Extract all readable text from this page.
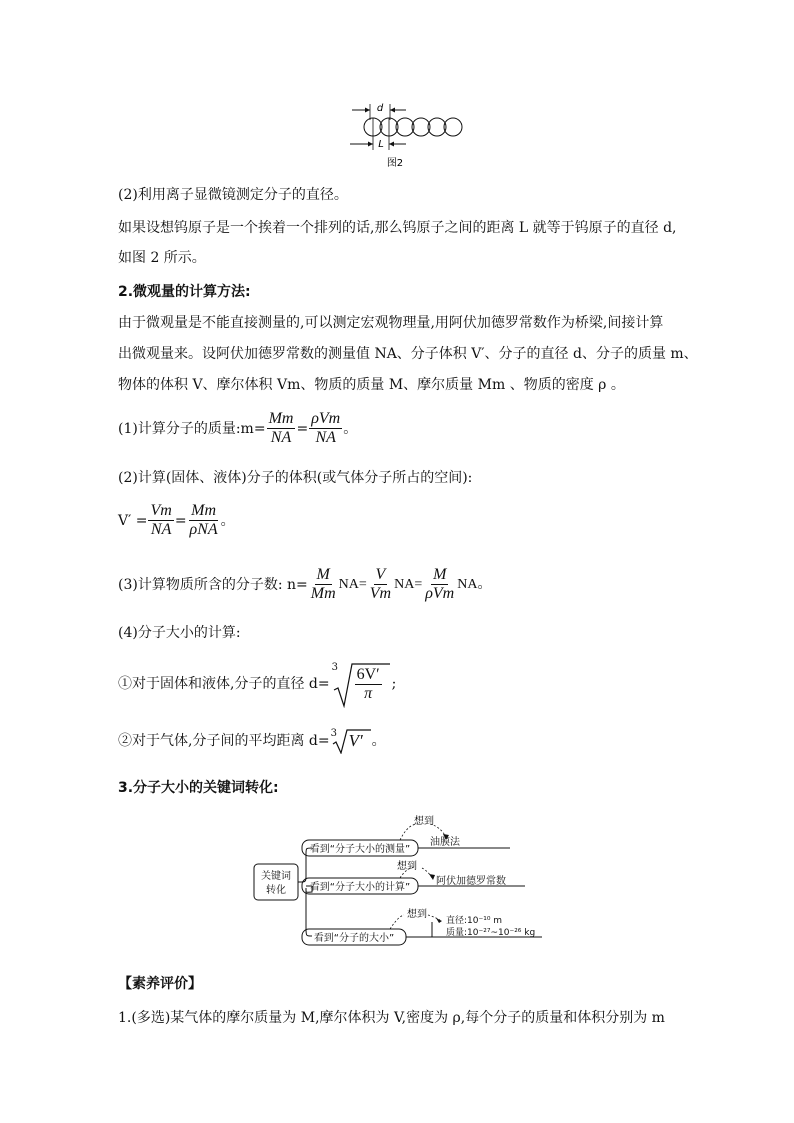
d
L
图2
(2)利用离子显微镜测定分子的直径。
如果设想钨原子是一个挨着一个排列的话,那么钨原子之间的距离 L 就等于钨原子的直径 d,
如图 2 所示。
2.微观量的计算方法:
由于微观量是不能直接测量的,可以测定宏观物理量,用阿伏加德罗常数作为桥梁,间接计算
出微观量来。设阿伏加德罗常数的测量值 NA、分子体积 V′、分子的直径 d、分子的质量 m、
物体的体积 V、摩尔体积 Vm、物质的质量 M、摩尔质量 Mm 、物质的密度 ρ 。
(1)计算分子的质量:m= $\frac{Mm}{NA} = \frac{\text{ρVm}}{NA}$ 。
(2)计算(固体、液体)分子的体积(或气体分子所占的空间):
$V' = \frac{Vm}{NA} = \frac{Mm}{\text{ρNA}}$ 。
(3)计算物质所含的分子数: $n= \frac{M}{Mm} NA= \frac{V}{Vm} NA= \frac{M}{\text{ρVm}}$ NA。
(4)分子大小的计算:
①对于固体和液体,分子的直径 d=
$3 \frac{6V'}{\pi}$ ;
②对于气体,分子间的平均距离 d= 3 V′ 。
3.分子大小的关键词转化:
关键词
转化
看到“分子大小的测量”
想到
油膜法
看到“分子大小的计算”
想到
阿伏加德罗常数
看到“分子的大小”
想到
直径:10⁻¹⁰ m
质量:10⁻²⁷~10⁻²⁶ kg
【素养评价】
1.(多选)某气体的摩尔质量为 M,摩尔体积为 V,密度为 ρ,每个分子的质量和体积分别为 m
